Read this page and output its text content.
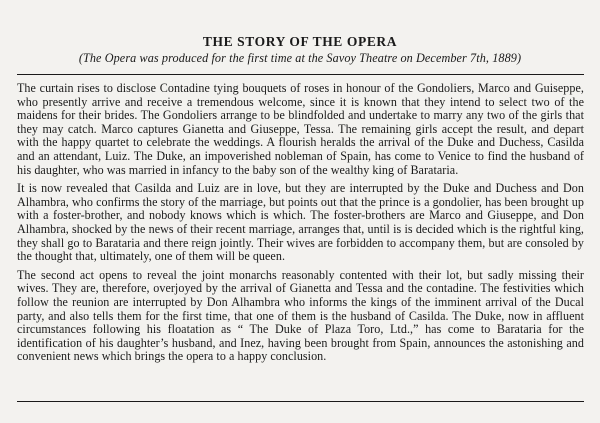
THE STORY OF THE OPERA
(The Opera was produced for the first time at the Savoy Theatre on December 7th, 1889)

The curtain rises to disclose Contadine tying bouquets of roses in honour of the Gondoliers, Marco and Guiseppe, who presently arrive and receive a tremendous welcome, since it is known that they intend to select two of the maidens for their brides. The Gondoliers arrange to be blindfolded and undertake to marry any two of the girls that they may catch. Marco captures Gianetta and Giuseppe, Tessa. The remaining girls accept the result, and depart with the happy quartet to celebrate the weddings. A flourish heralds the arrival of the Duke and Duchess, Casilda and an attendant, Luiz. The Duke, an impoverished nobleman of Spain, has come to Venice to find the husband of his daughter, who was married in infancy to the baby son of the wealthy king of Barataria.

It is now revealed that Casilda and Luiz are in love, but they are interrupted by the Duke and Duchess and Don Alhambra, who confirms the story of the marriage, but points out that the prince is a gondolier, has been brought up with a foster-brother, and nobody knows which is which. The foster-brothers are Marco and Giuseppe, and Don Alhambra, shocked by the news of their recent marriage, arranges that, until is is decided which is the rightful king, they shall go to Barataria and there reign jointly. Their wives are forbidden to accompany them, but are consoled by the thought that, ultimately, one of them will be queen.

The second act opens to reveal the joint monarchs reasonably contented with their lot, but sadly missing their wives. They are, therefore, overjoyed by the arrival of Gianetta and Tessa and the contadine. The festivities which follow the reunion are interrupted by Don Alhambra who informs the kings of the imminent arrival of the Ducal party, and also tells them for the first time, that one of them is the husband of Casilda. The Duke, now in affluent circumstances following his floatation as “ The Duke of Plaza Toro, Ltd.,” has come to Barataria for the identification of his daughter’s husband, and Inez, having been brought from Spain, announces the astonishing and convenient news which brings the opera to a happy conclusion.
